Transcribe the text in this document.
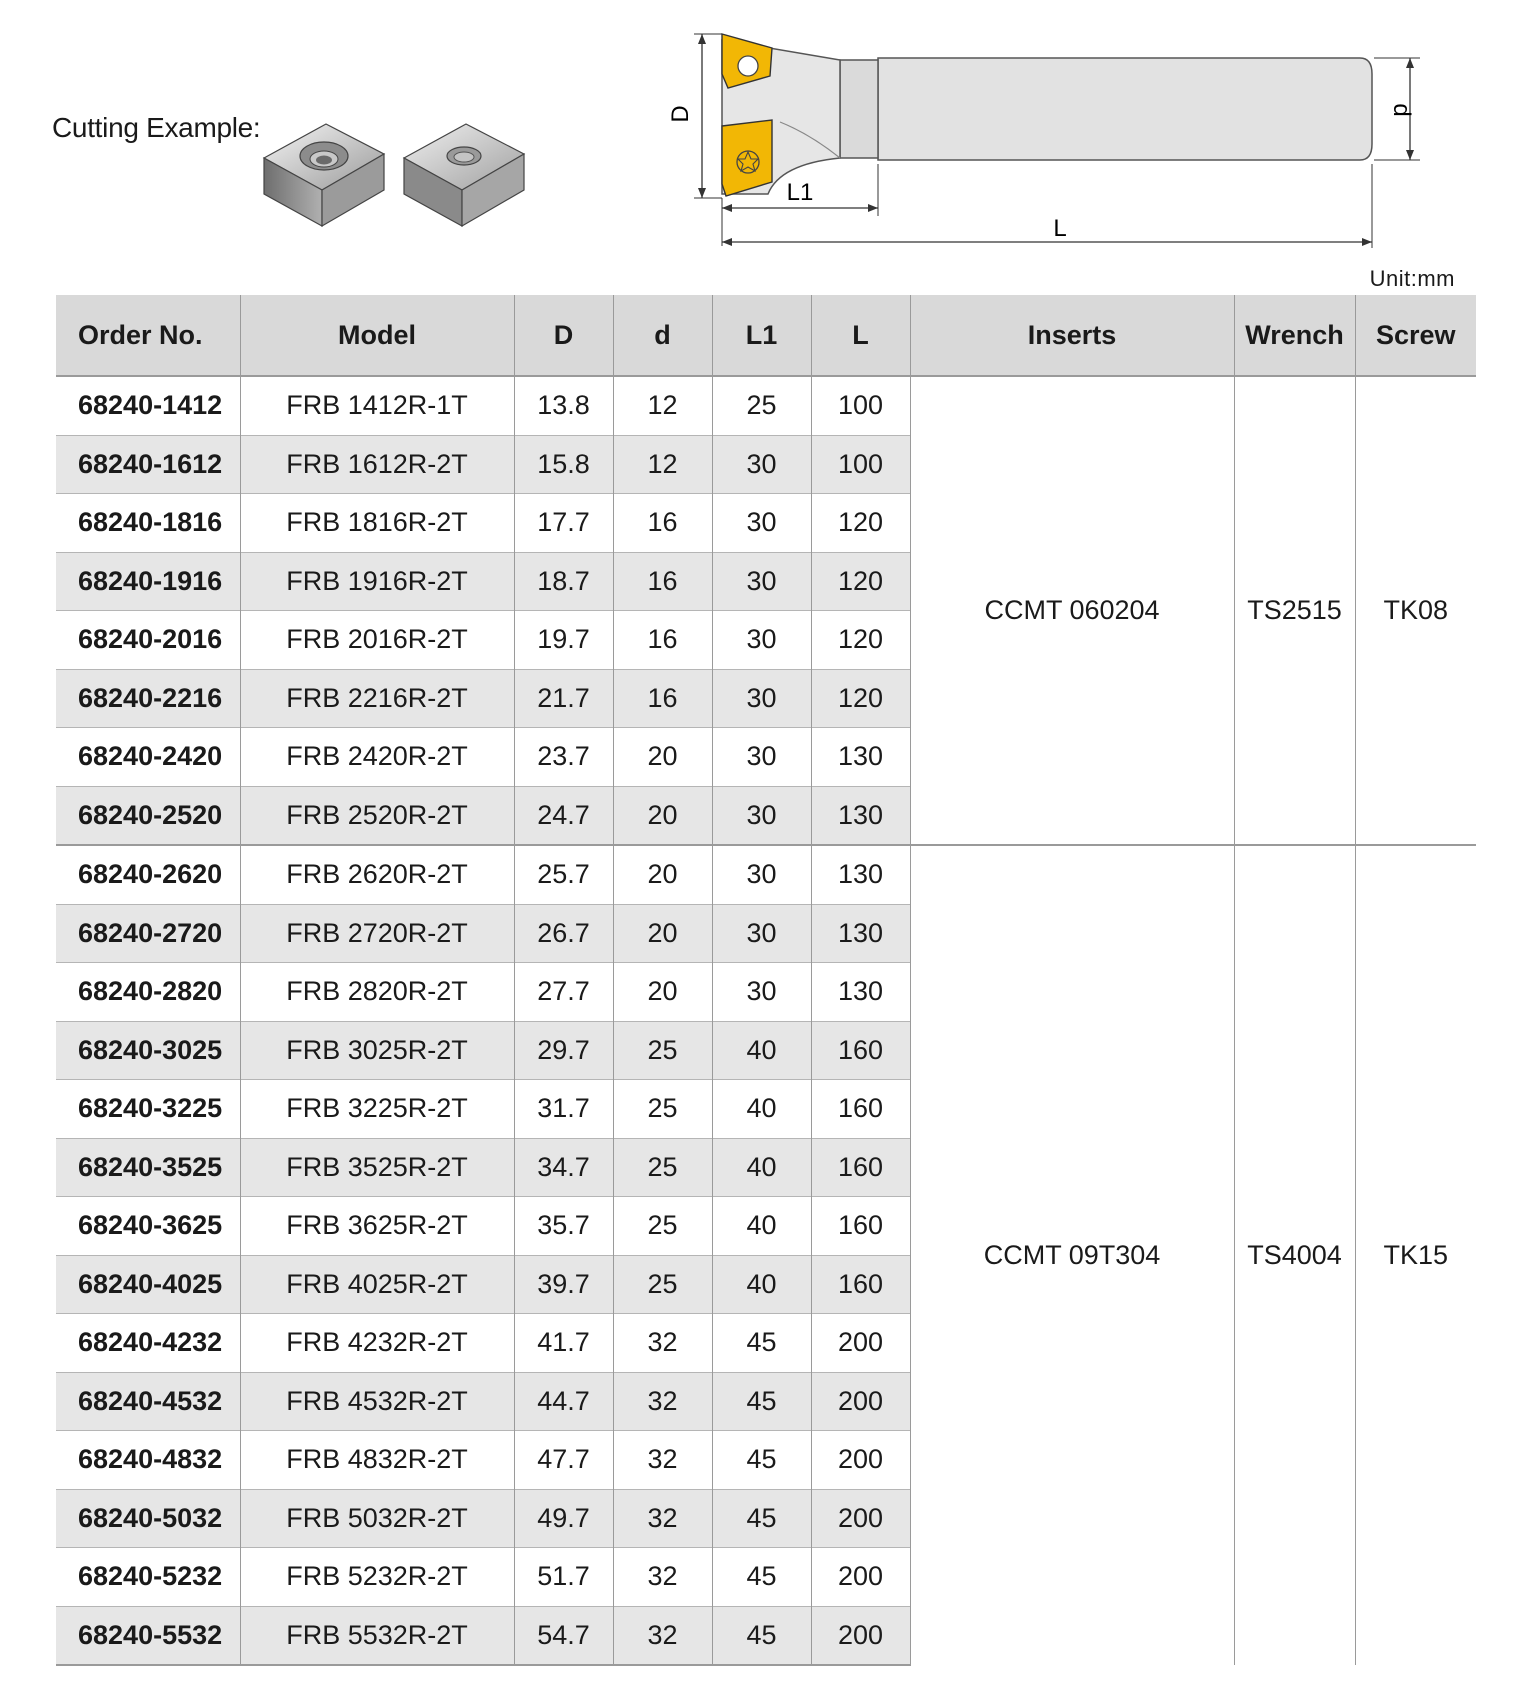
Cutting Example:	D
L1
L
d
Unit:mm
Order No.	Model	D	d	L1	L	Inserts	Wrench	Screw
68240-1412	FRB 1412R-1T	13.8	12	25	100	CCMT 060204	TS2515	TK08
68240-1612	FRB 1612R-2T	15.8	12	30	100			
68240-1816	FRB 1816R-2T	17.7	16	30	120			
68240-1916	FRB 1916R-2T	18.7	16	30	120			
68240-2016	FRB 2016R-2T	19.7	16	30	120			
68240-2216	FRB 2216R-2T	21.7	16	30	120			
68240-2420	FRB 2420R-2T	23.7	20	30	130			
68240-2520	FRB 2520R-2T	24.7	20	30	130			
68240-2620	FRB 2620R-2T	25.7	20	30	130	CCMT 09T304	TS4004	TK15
68240-2720	FRB 2720R-2T	26.7	20	30	130			
68240-2820	FRB 2820R-2T	27.7	20	30	130			
68240-3025	FRB 3025R-2T	29.7	25	40	160			
68240-3225	FRB 3225R-2T	31.7	25	40	160			
68240-3525	FRB 3525R-2T	34.7	25	40	160			
68240-3625	FRB 3625R-2T	35.7	25	40	160			
68240-4025	FRB 4025R-2T	39.7	25	40	160			
68240-4232	FRB 4232R-2T	41.7	32	45	200			
68240-4532	FRB 4532R-2T	44.7	32	45	200			
68240-4832	FRB 4832R-2T	47.7	32	45	200			
68240-5032	FRB 5032R-2T	49.7	32	45	200			
68240-5232	FRB 5232R-2T	51.7	32	45	200			
68240-5532	FRB 5532R-2T	54.7	32	45	200			
